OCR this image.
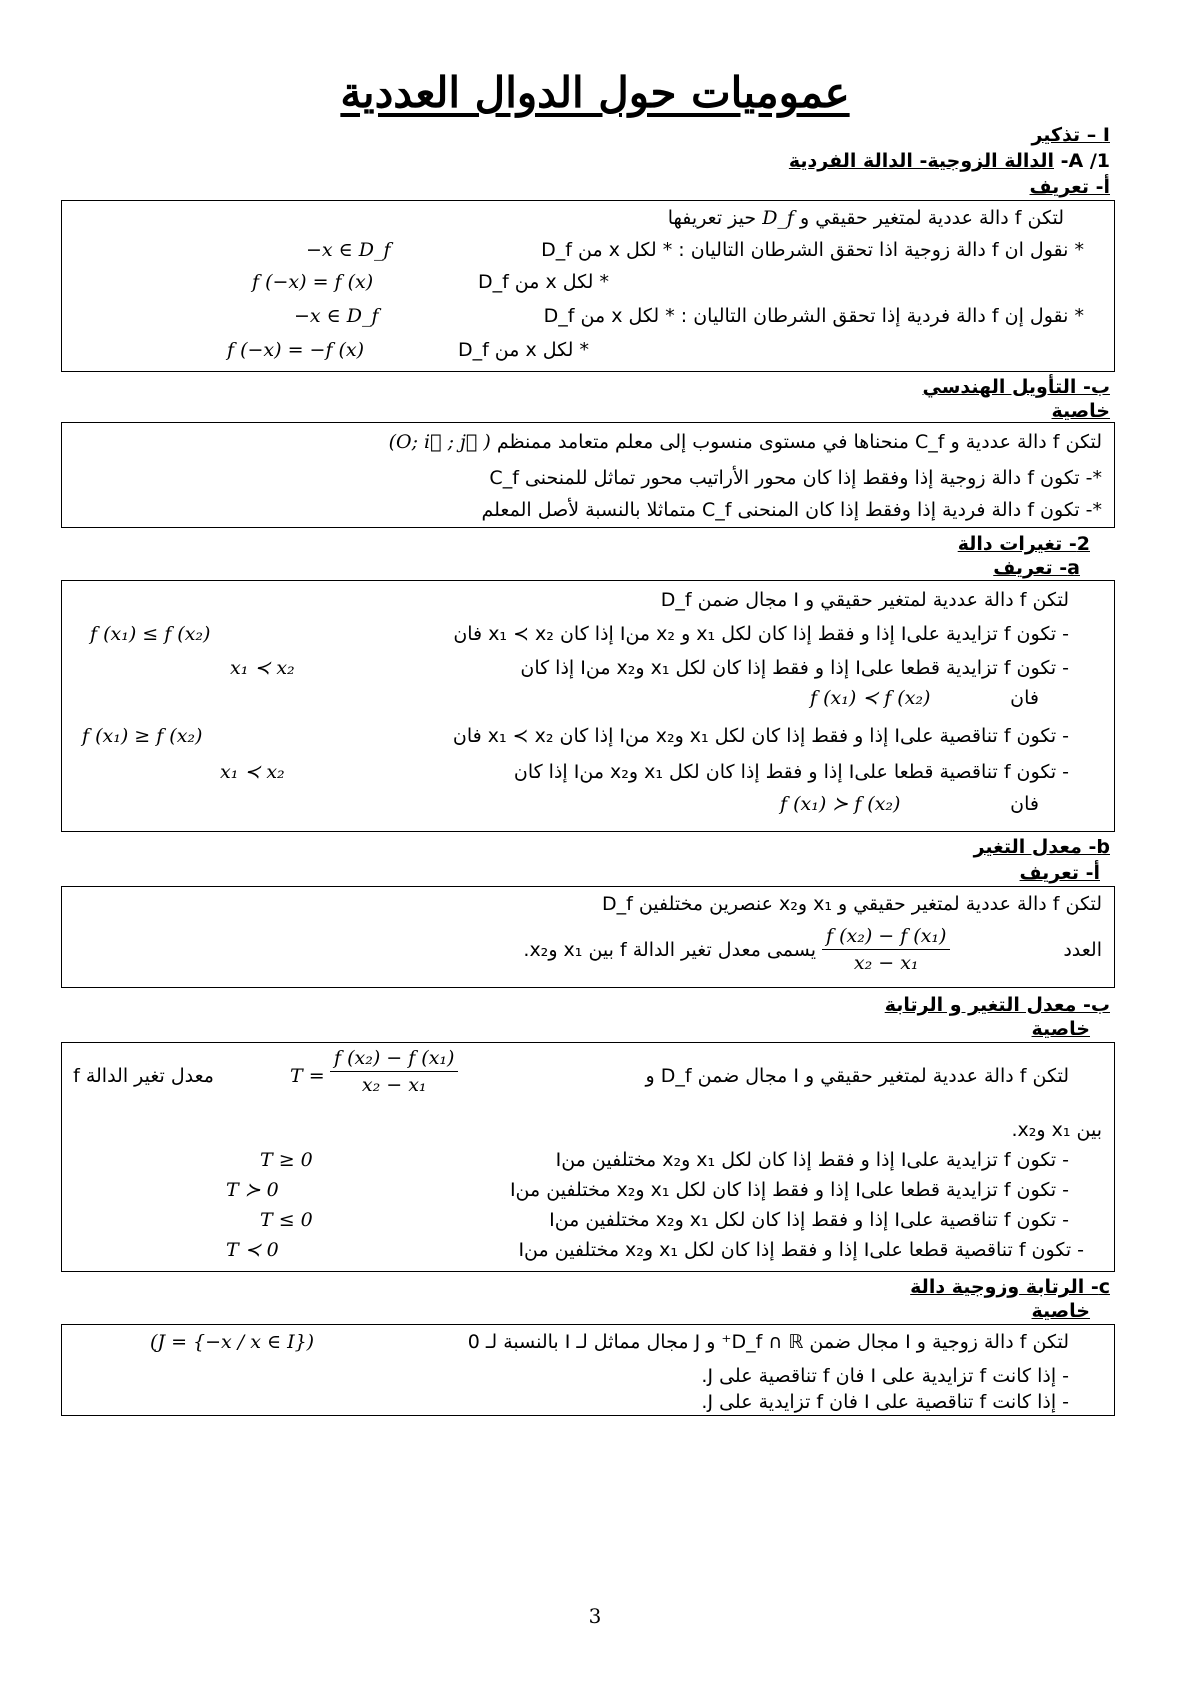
عموميات حول الدوال العددية
I – تذكير
A /1- الدالة الزوجية- الدالة الفردية
أ- تعريف
لتكن f دالة عددية لمتغير حقيقي و D_f حيز تعريفها
* نقول ان f دالة زوجية اذا تحقق الشرطان التاليان : * لكل x من D_f
−x ∈ D_f
* لكل x من D_f
f (−x) = f (x)
* نقول إن f دالة فردية إذا تحقق الشرطان التاليان : * لكل x من D_f
−x ∈ D_f
* لكل x من D_f
f (−x) = −f (x)
ب- التأويل الهندسي
خاصية
لتكن f دالة عددية و C_f منحناها في مستوى منسوب إلى معلم متعامد ممنظم (O; i⃗ ; j⃗ )
*- تكون f دالة زوجية إذا وفقط إذا كان محور الأراتيب محور تماثل للمنحنى C_f
*- تكون f دالة فردية إذا وفقط إذا كان المنحنى C_f متماثلا بالنسبة لأصل المعلم
2- تغيرات دالة
a- تعريف
لتكن f دالة عددية لمتغير حقيقي و I مجال ضمن D_f
- تكون f تزايدية علىI إذا و فقط إذا كان لكل x₁ و x₂ منI إذا كان x₁ ≺ x₂ فان
f (x₁) ≤ f (x₂)
- تكون f تزايدية قطعا علىI إذا و فقط إذا كان لكل x₁ وx₂ منI إذا كان
x₁ ≺ x₂
فان
f (x₁) ≺ f (x₂)
- تكون f تناقصية علىI إذا و فقط إذا كان لكل x₁ وx₂ منI إذا كان x₁ ≺ x₂ فان
f (x₁) ≥ f (x₂)
- تكون f تناقصية قطعا علىI إذا و فقط إذا كان لكل x₁ وx₂ منI إذا كان
x₁ ≺ x₂
فان
f (x₁) ≻ f (x₂)
b- معدل التغير
أ- تعريف
لتكن f دالة عددية لمتغير حقيقي و x₁ وx₂ عنصرين مختلفين D_f
العدد
$\frac{\text{f (x₂) − f (x₁)}}{\text{x₂ − x₁}}$
يسمى معدل تغير الدالة f بين x₁ وx₂.
ب- معدل التغير و الرتابة
خاصية
لتكن f دالة عددية لمتغير حقيقي و I مجال ضمن D_f و
$\frac{\text{f (x₂) − f (x₁)}}{\text{x₂ − x₁}}$
T =
معدل تغير الدالة f
بين x₁ وx₂.
- تكون f تزايدية علىI إذا و فقط إذا كان لكل x₁ وx₂ مختلفين منI
T ≥ 0
- تكون f تزايدية قطعا علىI إذا و فقط إذا كان لكل x₁ وx₂ مختلفين منI
T ≻ 0
- تكون f تناقصية علىI إذا و فقط إذا كان لكل x₁ وx₂ مختلفين منI
T ≤ 0
- تكون f تناقصية قطعا علىI إذا و فقط إذا كان لكل x₁ وx₂ مختلفين منI
T ≺ 0
c- الرتابة وزوجية دالة
خاصية
لتكن f دالة زوجية و I مجال ضمن D_f ∩ ℝ⁺ و J مجال مماثل لـ I بالنسبة لـ 0
(J = {−x / x ∈ I})
- إذا كانت f تزايدية على I فان f تناقصية على J.
- إذا كانت f تناقصية على I فان f تزايدية على J.
3
